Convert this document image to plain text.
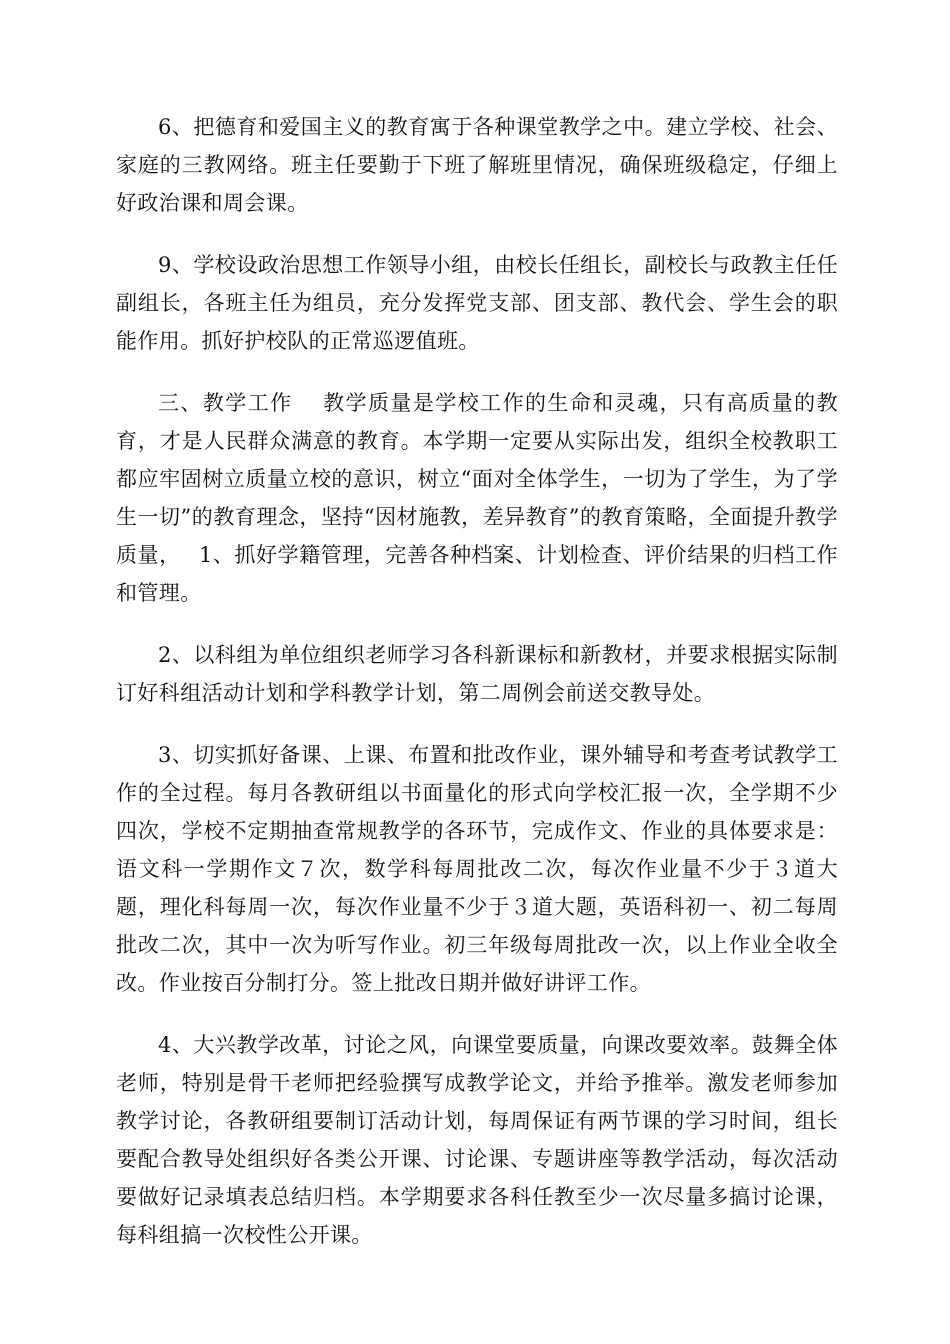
6、把德育和爱国主义的教育寓于各种课堂教学之中。建立学校、社会、家庭的三教网络。班主任要勤于下班了解班里情况，确保班级稳定，仔细上好政治课和周会课。

9、学校设政治思想工作领导小组，由校长任组长，副校长与政教主任任副组长，各班主任为组员，充分发挥党支部、团支部、教代会、学生会的职能作用。抓好护校队的正常巡逻值班。

三、教学工作　 教学质量是学校工作的生命和灵魂，只有高质量的教育，才是人民群众满意的教育。本学期一定要从实际出发，组织全校教职工都应牢固树立质量立校的意识，树立“面对全体学生，一切为了学生，为了学生一切”的教育理念，坚持“因材施教，差异教育”的教育策略，全面提升教学质量，　 1、抓好学籍管理，完善各种档案、计划检查、评价结果的归档工作和管理。

2、以科组为单位组织老师学习各科新课标和新教材，并要求根据实际制订好科组活动计划和学科教学计划，第二周例会前送交教导处。

3、切实抓好备课、上课、布置和批改作业，课外辅导和考查考试教学工作的全过程。每月各教研组以书面量化的形式向学校汇报一次，全学期不少四次，学校不定期抽查常规教学的各环节，完成作文、作业的具体要求是：语文科一学期作文７次，数学科每周批改二次，每次作业量不少于３道大题，理化科每周一次，每次作业量不少于３道大题，英语科初一、初二每周批改二次，其中一次为听写作业。初三年级每周批改一次，以上作业全收全改。作业按百分制打分。签上批改日期并做好讲评工作。

4、大兴教学改革，讨论之风，向课堂要质量，向课改要效率。鼓舞全体老师，特别是骨干老师把经验撰写成教学论文，并给予推举。激发老师参加教学讨论，各教研组要制订活动计划，每周保证有两节课的学习时间，组长要配合教导处组织好各类公开课、讨论课、专题讲座等教学活动，每次活动要做好记录填表总结归档。本学期要求各科任教至少一次尽量多搞讨论课，每科组搞一次校性公开课。
